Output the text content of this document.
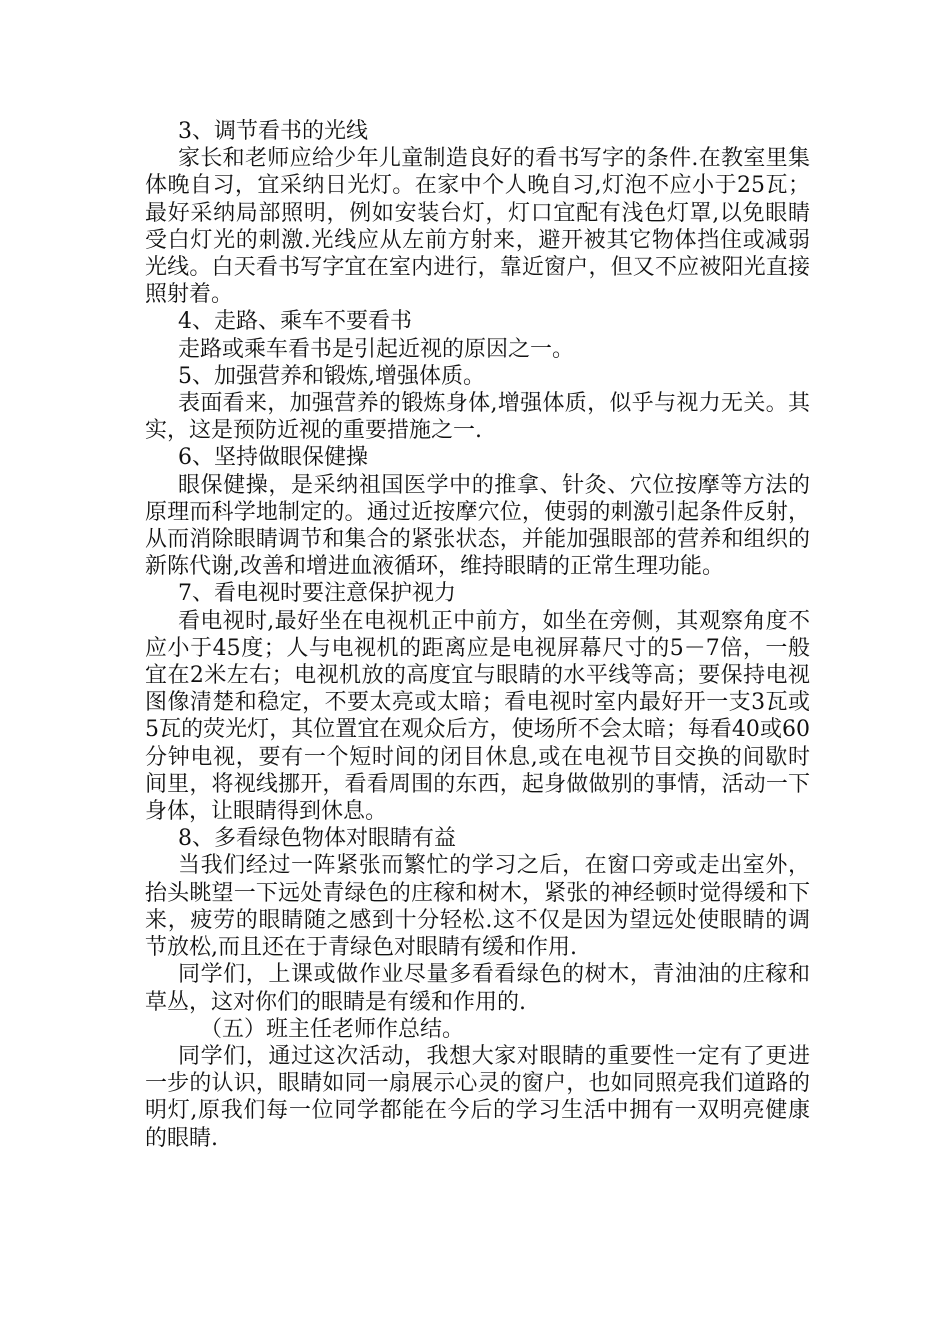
3、调节看书的光线

家长和老师应给少年儿童制造良好的看书写字的条件.在教室里集体晚自习，宜采纳日光灯。在家中个人晚自习,灯泡不应小于25瓦；最好采纳局部照明，例如安装台灯，灯口宜配有浅色灯罩,以免眼睛受白灯光的刺激.光线应从左前方射来，避开被其它物体挡住或减弱光线。白天看书写字宜在室内进行，靠近窗户，但又不应被阳光直接照射着。

4、走路、乘车不要看书

走路或乘车看书是引起近视的原因之一。

5、加强营养和锻炼,增强体质。

表面看来，加强营养的锻炼身体,增强体质，似乎与视力无关。其实，这是预防近视的重要措施之一.

6、坚持做眼保健操

眼保健操，是采纳祖国医学中的推拿、针灸、穴位按摩等方法的原理而科学地制定的。通过近按摩穴位，使弱的刺激引起条件反射，从而消除眼睛调节和集合的紧张状态，并能加强眼部的营养和组织的新陈代谢,改善和增进血液循环，维持眼睛的正常生理功能。

7、看电视时要注意保护视力

看电视时,最好坐在电视机正中前方，如坐在旁侧，其观察角度不应小于45度；人与电视机的距离应是电视屏幕尺寸的5－7倍，一般宜在2米左右；电视机放的高度宜与眼睛的水平线等高；要保持电视图像清楚和稳定，不要太亮或太暗；看电视时室内最好开一支3瓦或5瓦的荧光灯，其位置宜在观众后方，使场所不会太暗；每看40或60分钟电视，要有一个短时间的闭目休息,或在电视节目交换的间歇时间里，将视线挪开，看看周围的东西，起身做做别的事情，活动一下身体，让眼睛得到休息。

8、多看绿色物体对眼睛有益

当我们经过一阵紧张而繁忙的学习之后，在窗口旁或走出室外，抬头眺望一下远处青绿色的庄稼和树木，紧张的神经顿时觉得缓和下来，疲劳的眼睛随之感到十分轻松.这不仅是因为望远处使眼睛的调节放松,而且还在于青绿色对眼睛有缓和作用.

同学们，上课或做作业尽量多看看绿色的树木，青油油的庄稼和草丛，这对你们的眼睛是有缓和作用的.

（五）班主任老师作总结。

同学们，通过这次活动，我想大家对眼睛的重要性一定有了更进一步的认识，眼睛如同一扇展示心灵的窗户，也如同照亮我们道路的明灯,原我们每一位同学都能在今后的学习生活中拥有一双明亮健康的眼睛.
